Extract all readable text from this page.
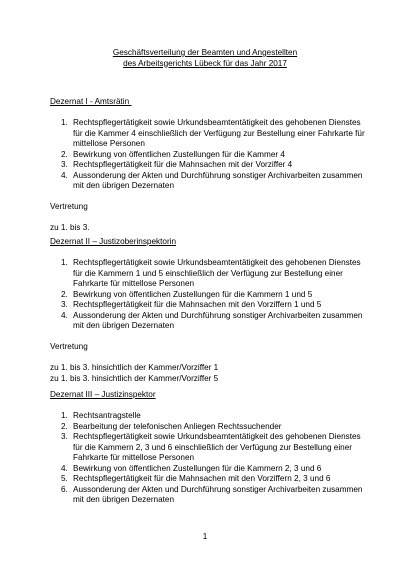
Geschäftsverteilung der Beamten und Angestellten
des Arbeitsgerichts Lübeck für das Jahr 2017
Dezernat I - Amtsrätin
1. Rechtspflegertätigkeit sowie Urkundsbeamtentätigkeit des gehobenen Dienstes für die Kammer 4 einschließlich der Verfügung zur Bestellung einer Fahrkarte für mittellose Personen
2. Bewirkung von öffentlichen Zustellungen für die Kammer 4
3. Rechtspflegertätigkeit für die Mahnsachen mit der Vorziffer 4
4. Aussonderung der Akten und Durchführung sonstiger Archivarbeiten zusammen mit den übrigen Dezernaten

Vertretung

zu 1. bis 3.

Dezernat II – Justizoberinspektorin
1. Rechtspflegertätigkeit sowie Urkundsbeamtentätigkeit des gehobenen Dienstes für die Kammern 1 und 5 einschließlich der Verfügung zur Bestellung einer Fahrkarte für mittellose Personen
2. Bewirkung von öffentlichen Zustellungen für die Kammern 1 und 5
3. Rechtspflegertätigkeit für die Mahnsachen mit den Vorziffern 1 und 5
4. Aussonderung der Akten und Durchführung sonstiger Archivarbeiten zusammen mit den übrigen Dezernaten

Vertretung

zu 1. bis 3. hinsichtlich der Kammer/Vorziffer 1

zu 1. bis 3. hinsichtlich der Kammer/Vorziffer 5

Dezernat III – Justizinspektor
1. Rechtsantragstelle
2. Bearbeitung der telefonischen Anliegen Rechtssuchender
3. Rechtspflegertätigkeit sowie Urkundsbeamtentätigkeit des gehobenen Dienstes für die Kammern 2, 3 und 6 einschließlich der Verfügung zur Bestellung einer Fahrkarte für mittellose Personen
4. Bewirkung von öffentlichen Zustellungen für die Kammern 2, 3 und 6
5. Rechtspflegertätigkeit für die Mahnsachen mit den Vorziffern 2, 3 und 6
6. Aussonderung der Akten und Durchführung sonstiger Archivarbeiten zusammen mit den übrigen Dezernaten
1
